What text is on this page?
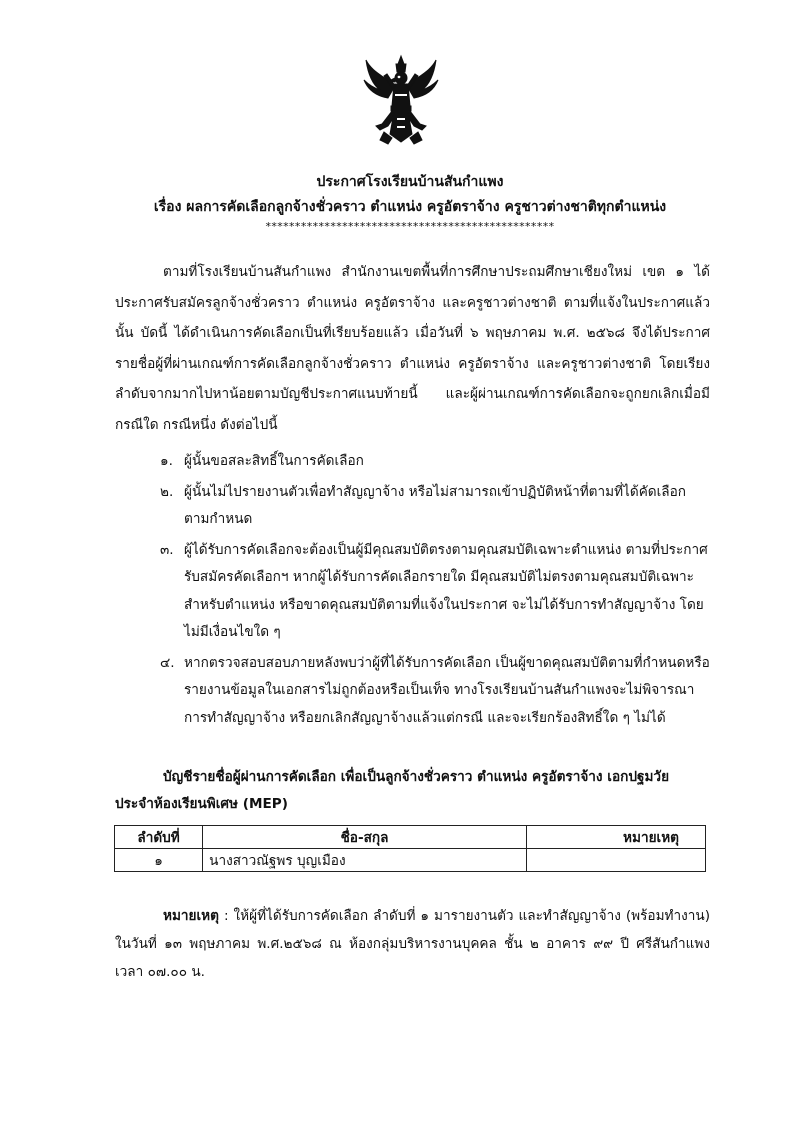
ประกาศโรงเรียนบ้านสันกำแพง

เรื่อง ผลการคัดเลือกลูกจ้างชั่วคราว ตำแหน่ง ครูอัตราจ้าง ครูชาวต่างชาติทุกตำแหน่ง

*************************************************

ตามที่โรงเรียนบ้านสันกำแพง สำนักงานเขตพื้นที่การศึกษาประถมศึกษาเชียงใหม่ เขต ๑ ได้ประกาศรับสมัครลูกจ้างชั่วคราว ตำแหน่ง ครูอัตราจ้าง และครูชาวต่างชาติ ตามที่แจ้งในประกาศแล้วนั้น บัดนี้ ได้ดำเนินการคัดเลือกเป็นที่เรียบร้อยแล้ว เมื่อวันที่ ๖ พฤษภาคม พ.ศ. ๒๕๖๘ จึงได้ประกาศรายชื่อผู้ที่ผ่านเกณฑ์การคัดเลือกลูกจ้างชั่วคราว ตำแหน่ง ครูอัตราจ้าง และครูชาวต่างชาติ โดยเรียงลำดับจากมากไปหาน้อยตามบัญชีประกาศแนบท้ายนี้ และผู้ผ่านเกณฑ์การคัดเลือกจะถูกยกเลิกเมื่อมีกรณีใด กรณีหนึ่ง ดังต่อไปนี้

๑. ผู้นั้นขอสละสิทธิ์ในการคัดเลือก
๒. ผู้นั้นไม่ไปรายงานตัวเพื่อทำสัญญาจ้าง หรือไม่สามารถเข้าปฏิบัติหน้าที่ตามที่ได้คัดเลือกตามกำหนด
๓. ผู้ได้รับการคัดเลือกจะต้องเป็นผู้มีคุณสมบัติตรงตามคุณสมบัติเฉพาะตำแหน่ง ตามที่ประกาศรับสมัครคัดเลือกฯ หากผู้ได้รับการคัดเลือกรายใด มีคุณสมบัติไม่ตรงตามคุณสมบัติเฉพาะสำหรับตำแหน่ง หรือขาดคุณสมบัติตามที่แจ้งในประกาศ จะไม่ได้รับการทำสัญญาจ้าง โดยไม่มีเงื่อนไขใด ๆ
๔. หากตรวจสอบสอบภายหลังพบว่าผู้ที่ได้รับการคัดเลือก เป็นผู้ขาดคุณสมบัติตามที่กำหนดหรือรายงานข้อมูลในเอกสารไม่ถูกต้องหรือเป็นเท็จ ทางโรงเรียนบ้านสันกำแพงจะไม่พิจารณา การทำสัญญาจ้าง หรือยกเลิกสัญญาจ้างแล้วแต่กรณี และจะเรียกร้องสิทธิ์ใด ๆ ไม่ได้

บัญชีรายชื่อผู้ผ่านการคัดเลือก เพื่อเป็นลูกจ้างชั่วคราว ตำแหน่ง ครูอัตราจ้าง เอกปฐมวัย
ประจำห้องเรียนพิเศษ (MEP)

ลำดับที่	ชื่อ-สกุล	หมายเหตุ
๑	นางสาวณัฐพร บุญเมือง	

หมายเหตุ : ให้ผู้ที่ได้รับการคัดเลือก ลำดับที่ ๑ มารายงานตัว และทำสัญญาจ้าง (พร้อมทำงาน) ในวันที่ ๑๓ พฤษภาคม พ.ศ.๒๕๖๘ ณ ห้องกลุ่มบริหารงานบุคคล ชั้น ๒ อาคาร ๙๙ ปี ศรีสันกำแพง เวลา ๐๗.๐๐ น.
